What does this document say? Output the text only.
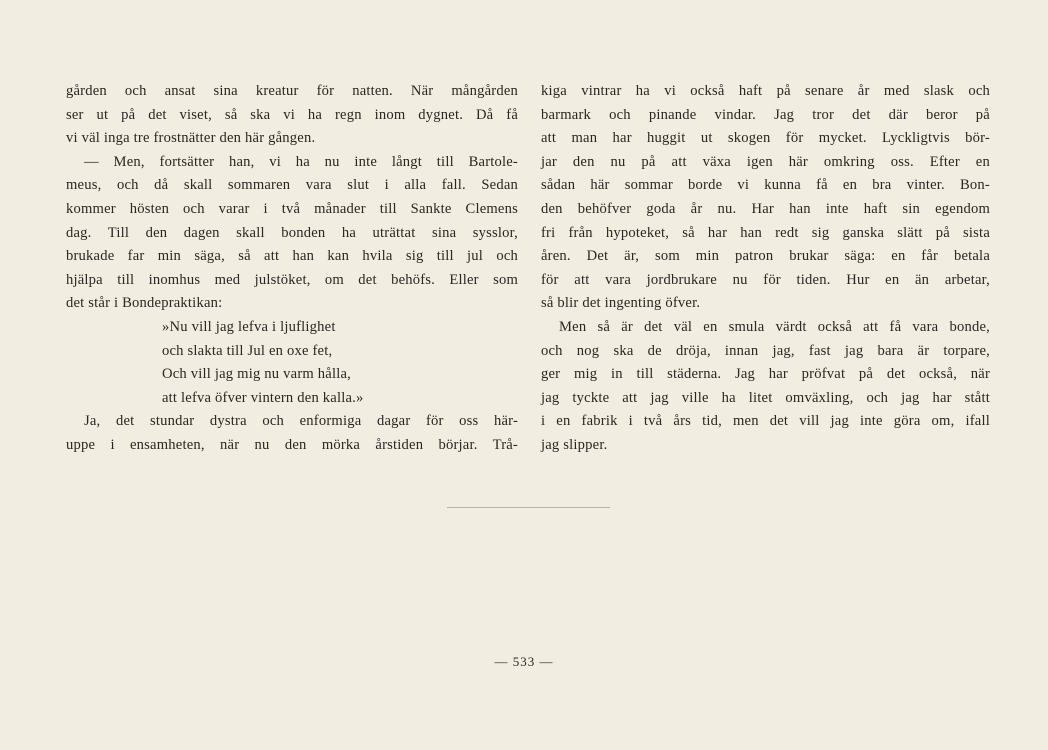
gården och ansat sina kreatur för natten. När mångården
ser ut på det viset, så ska vi ha regn inom dygnet. Då få
vi väl inga tre frostnätter den här gången.
— Men, fortsätter han, vi ha nu inte långt till Bartole-
meus, och då skall sommaren vara slut i alla fall. Sedan
kommer hösten och varar i två månader till Sankte Clemens
dag. Till den dagen skall bonden ha uträttat sina sysslor,
brukade far min säga, så att han kan hvila sig till jul och
hjälpa till inomhus med julstöket, om det behöfs. Eller som
det står i Bondepraktikan:
»Nu vill jag lefva i ljuflighet
och slakta till Jul en oxe fet,
Och vill jag mig nu varm hålla,
att lefva öfver vintern den kalla.»
Ja, det stundar dystra och enformiga dagar för oss här-
uppe i ensamheten, när nu den mörka årstiden börjar. Trå-
kiga vintrar ha vi också haft på senare år med slask och
barmark och pinande vindar. Jag tror det där beror på
att man har huggit ut skogen för mycket. Lyckligtvis bör-
jar den nu på att växa igen här omkring oss. Efter en
sådan här sommar borde vi kunna få en bra vinter. Bon-
den behöfver goda år nu. Har han inte haft sin egendom
fri från hypoteket, så har han redt sig ganska slätt på sista
åren. Det är, som min patron brukar säga: en får betala
för att vara jordbrukare nu för tiden. Hur en än arbetar,
så blir det ingenting öfver.
Men så är det väl en smula värdt också att få vara bonde,
och nog ska de dröja, innan jag, fast jag bara är torpare,
ger mig in till städerna. Jag har pröfvat på det också, när
jag tyckte att jag ville ha litet omväxling, och jag har stått
i en fabrik i två års tid, men det vill jag inte göra om, ifall
jag slipper.
— 533 —
